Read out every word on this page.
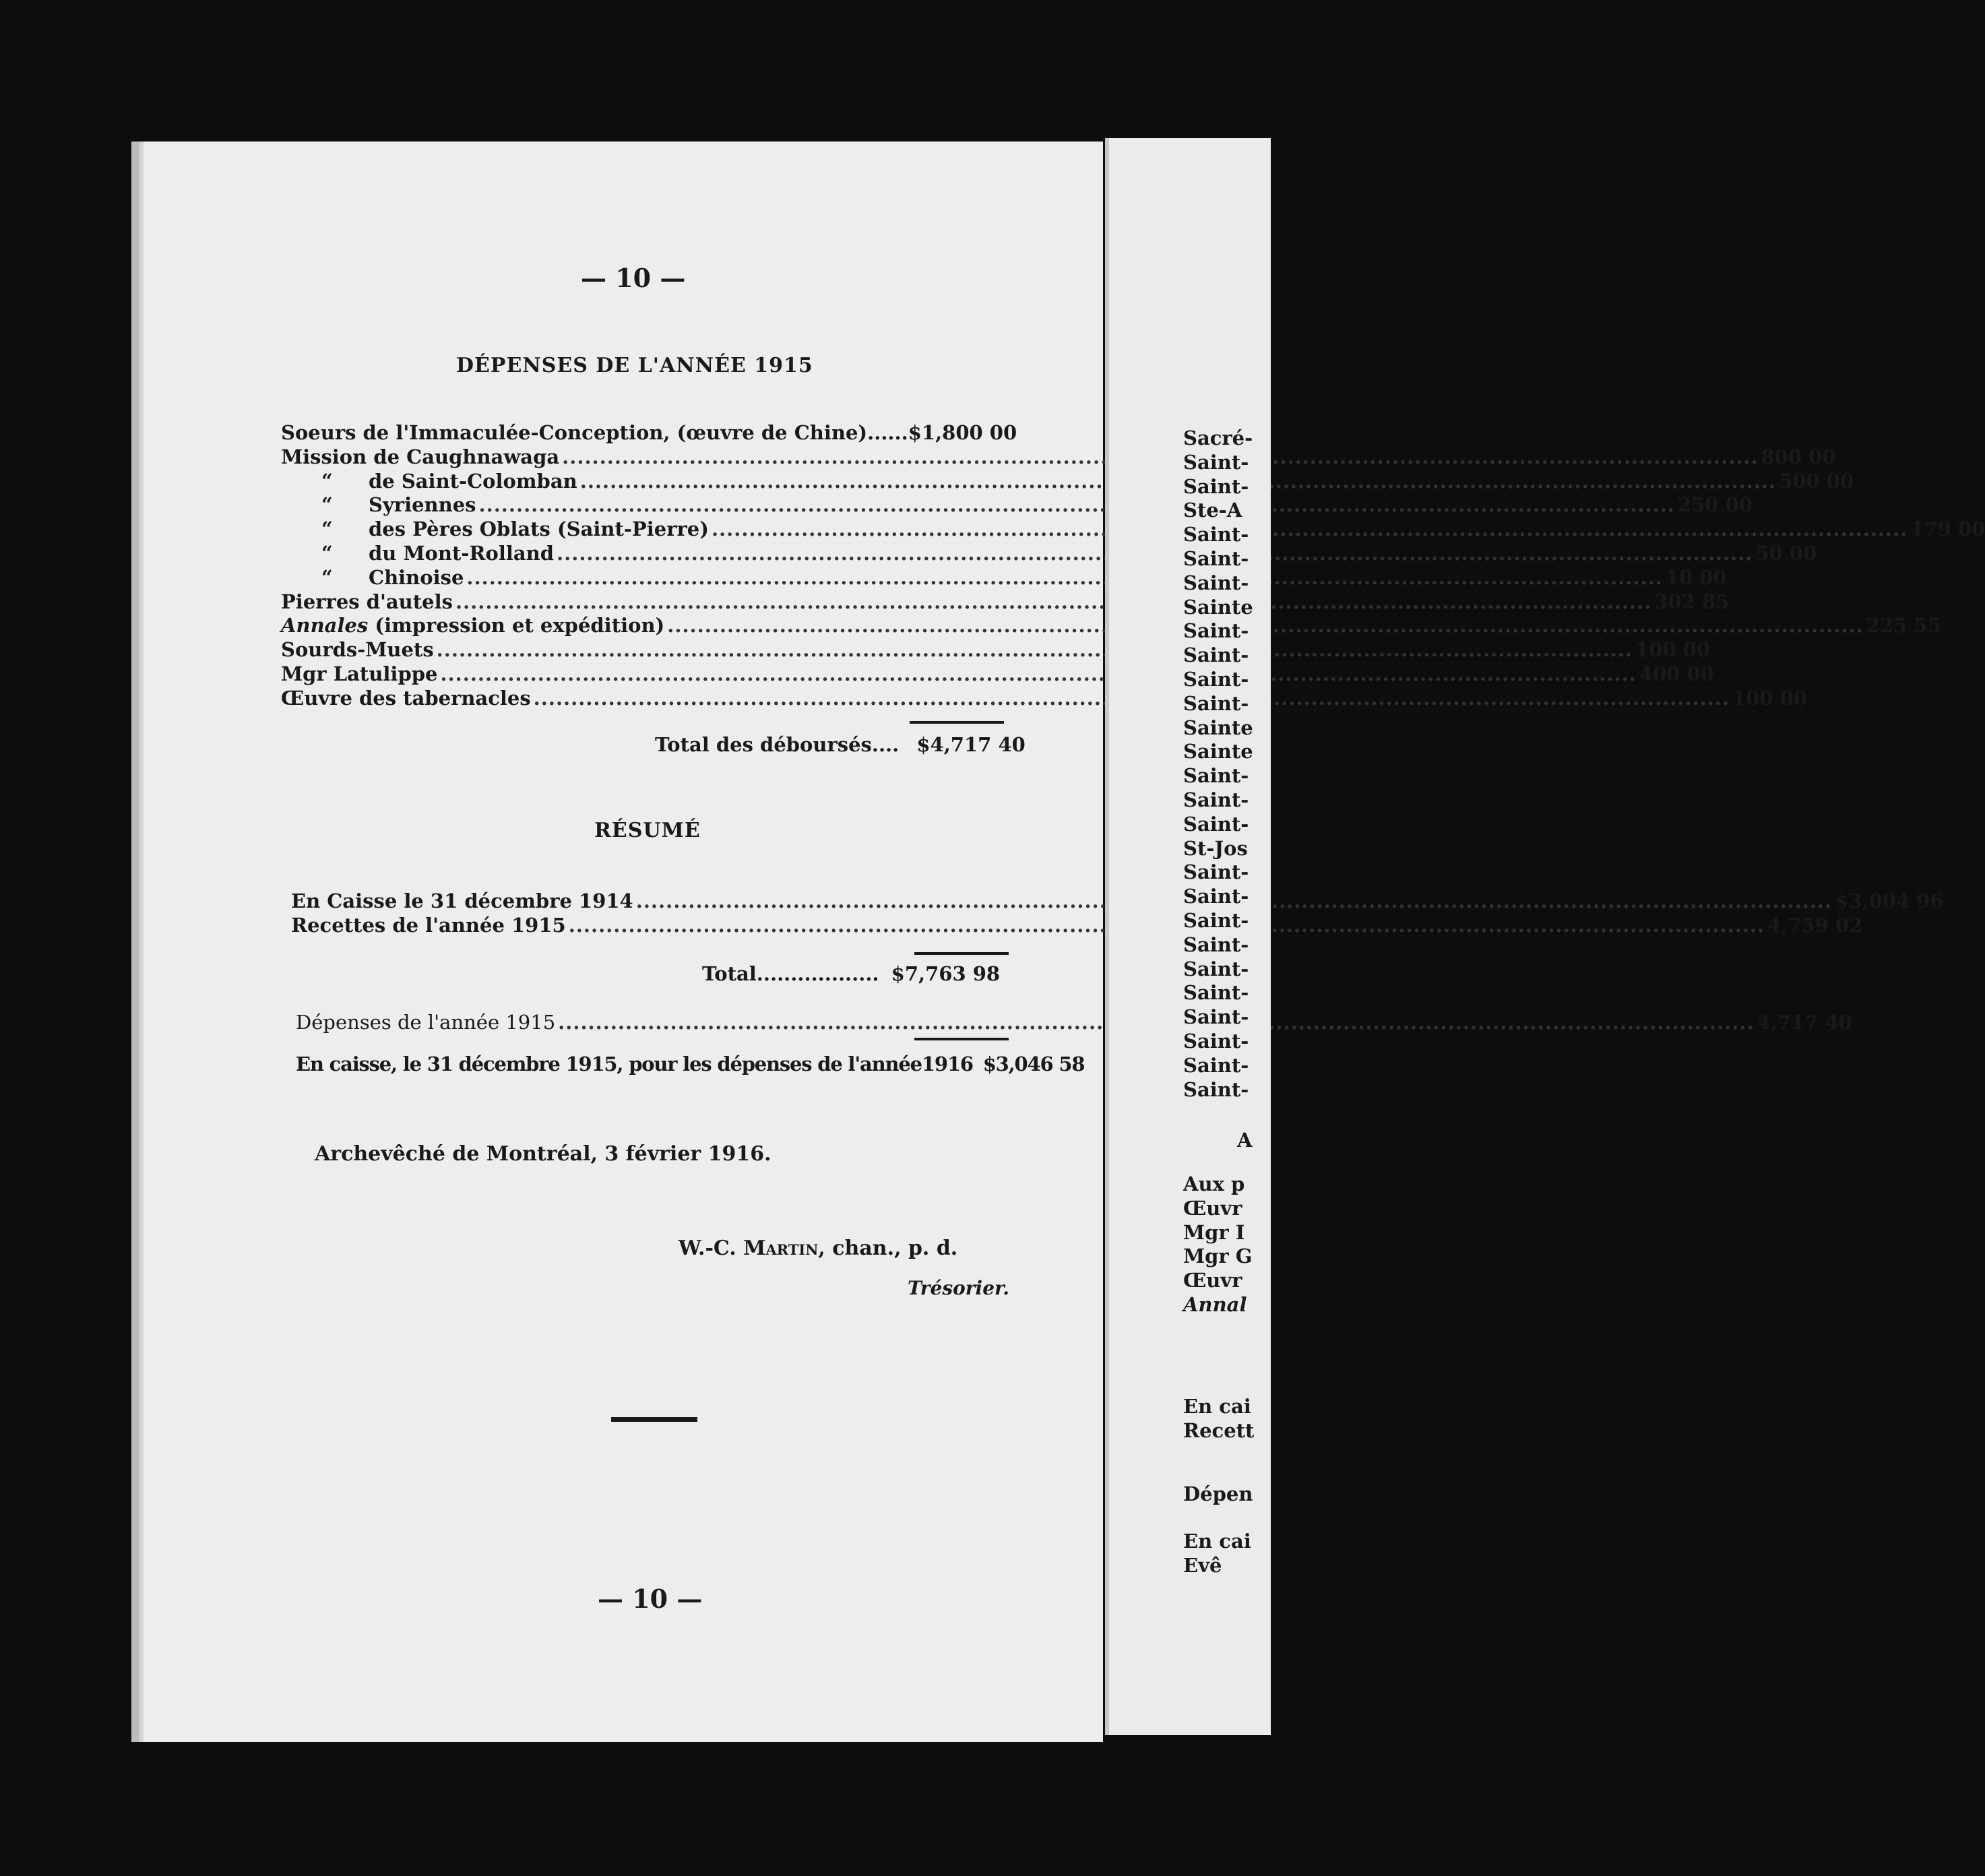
— 10 —
DÉPENSES DE L'ANNÉE 1915
Soeurs de l'Immaculée-Conception, (œuvre de Chine)...... $ 1,800 00
Mission de Caughnawaga .....	800 00
“ de Saint-Colomban .....	500 00
“ Syriennes .....	250 00
“ des Pères Oblats (Saint-Pierre) .....	179 00
“ du Mont-Rolland .....	50 00
“ Chinoise .....	10 00
Pierres d'autels .....	302 85
Annales (impression et expédition) .....	225 55
Sourds-Muets .....	100 00
Mgr Latulippe .....	400 00
Œuvre des tabernacles .....	100 00
Total des déboursés.... $4,717 40
RÉSUMÉ
En Caisse le 31 décembre 1914 .....	$3,004 96
Recettes de l'année 1915 .....	4,759 02
Total.................. $7,763 98
Dépenses de l'année 1915 .....	4,717 40
En caisse, le 31 décembre 1915, pour les dépenses de l'année1916 $3,046 58
Archevêché de Montréal, 3 février 1916.
W.-C. Martin, chan., p. d.
Trésorier.
— 10 —
Sacré-
Saint-
Saint-
Ste-A
Saint-
Saint-
Saint-
Sainte
Saint-
Saint-
Saint-
Saint-
Sainte
Sainte
Saint-
Saint-
Saint-
St-Jos
Saint-
Saint-
Saint-
Saint-
Saint-
Saint-
Saint-
Saint-
Saint-
Saint-
A
Aux p
Œuvr
Mgr I
Mgr G
Œuvr
Annal
En cai
Recett
Dépen
En cai
Evê
